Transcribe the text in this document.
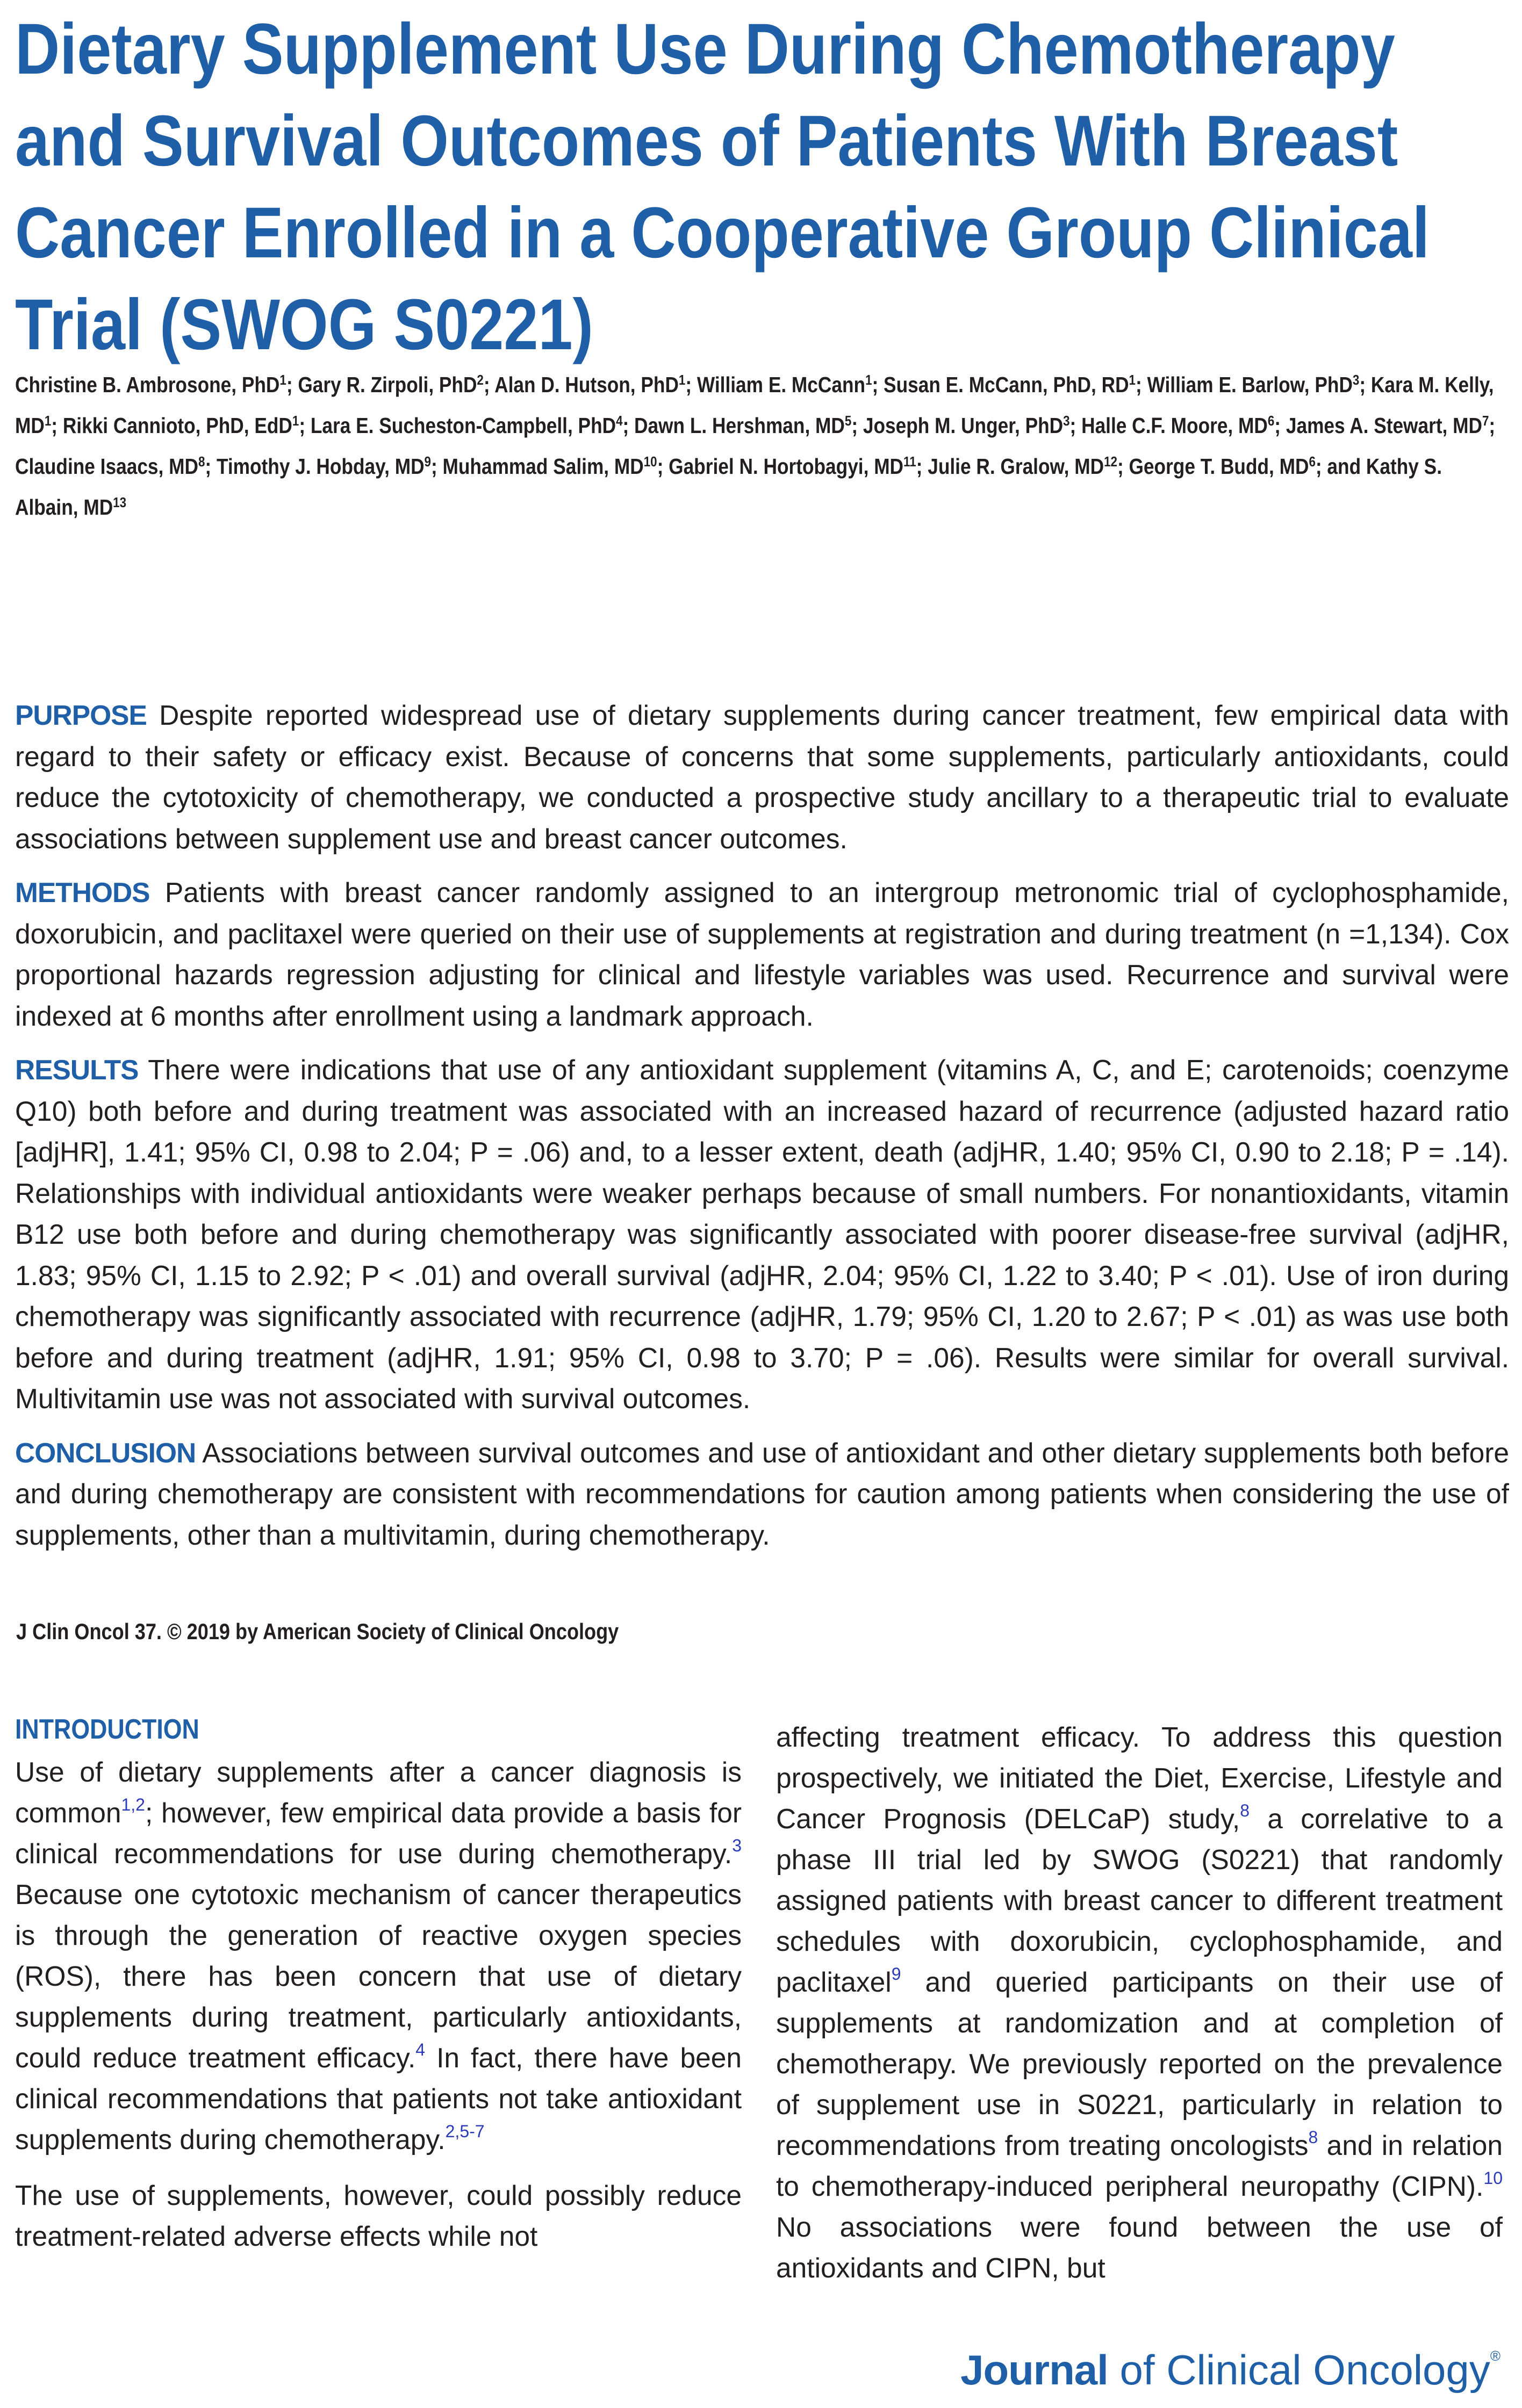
Dietary Supplement Use During Chemotherapy and Survival Outcomes of Patients With Breast Cancer Enrolled in a Cooperative Group Clinical Trial (SWOG S0221)
Christine B. Ambrosone, PhD$^1$; Gary R. Zirpoli, PhD$^2$; Alan D. Hutson, PhD$^1$; William E. McCann$^1$; Susan E. McCann, PhD, $RD^1$; William E. Barlow, PhD$^3$; Kara M. Kelly, $MD^1$; Rikki Cannioto, PhD, EdD$^1$; Lara E. Sucheston-Campbell, PhD$^4$; Dawn L. Hershman, $MD^5$; Joseph M. Unger, PhD$^3$; Halle C.F. Moore, $MD^6$; James A. Stewart, $MD^7$; Claudine Isaacs, $MD^8$; Timothy J. Hobday, $MD^9$; Muhammad Salim, MD$^{10}$; Gabriel N. Hortobagyi, MD$^{11}$; Julie R. Gralow, MD$^{12}$; George T. Budd, $MD^6$; and Kathy S. Albain, MD$^{13}$

PURPOSE Despite reported widespread use of dietary supplements during cancer treatment, few empirical data with regard to their safety or efficacy exist. Because of concerns that some supplements, particularly antioxidants, could reduce the cytotoxicity of chemotherapy, we conducted a prospective study ancillary to a therapeutic trial to evaluate associations between supplement use and breast cancer outcomes.

METHODS Patients with breast cancer randomly assigned to an intergroup metronomic trial of cyclophosphamide, doxorubicin, and paclitaxel were queried on their use of supplements at registration and during treatment (n =1,134). Cox proportional hazards regression adjusting for clinical and lifestyle variables was used. Recurrence and survival were indexed at 6 months after enrollment using a landmark approach.

RESULTS There were indications that use of any antioxidant supplement (vitamins A, C, and E; carotenoids; coenzyme Q10) both before and during treatment was associated with an increased hazard of recurrence (adjusted hazard ratio [adjHR], 1.41; 95% CI, 0.98 to 2.04; P = .06) and, to a lesser extent, death (adjHR, 1.40; 95% CI, 0.90 to 2.18; P = .14). Relationships with individual antioxidants were weaker perhaps because of small numbers. For nonantioxidants, vitamin B12 use both before and during chemotherapy was significantly associated with poorer disease-free survival (adjHR, 1.83; 95% CI, 1.15 to 2.92; P < .01) and overall survival (adjHR, 2.04; 95% CI, 1.22 to 3.40; P < .01). Use of iron during chemotherapy was significantly associated with recurrence (adjHR, 1.79; 95% CI, 1.20 to 2.67; P < .01) as was use both before and during treatment (adjHR, 1.91; 95% CI, 0.98 to 3.70; P = .06). Results were similar for overall survival. Multivitamin use was not associated with survival outcomes.

CONCLUSION Associations between survival outcomes and use of antioxidant and other dietary supplements both before and during chemotherapy are consistent with recommendations for caution among patients when considering the use of supplements, other than a multivitamin, during chemotherapy.

J Clin Oncol 37. © 2019 by American Society of Clinical Oncology

INTRODUCTION

Use of dietary supplements after a cancer diagnosis is common$^{1,2}$; however, few empirical data provide a basis for clinical recommendations for use during chemotherapy.$^3$ Because one cytotoxic mechanism of cancer therapeutics is through the generation of reactive oxygen species (ROS), there has been concern that use of dietary supplements during treatment, particularly antioxidants, could reduce treatment efficacy.$^4$ In fact, there have been clinical recommendations that patients not take antioxidant supplements during chemotherapy.$^{2,5-7}$

The use of supplements, however, could possibly reduce treatment-related adverse effects while not

affecting treatment efficacy. To address this question prospectively, we initiated the Diet, Exercise, Lifestyle and Cancer Prognosis (DELCaP) study,$^8$ a correlative to a phase III trial led by SWOG (S0221) that randomly assigned patients with breast cancer to different treatment schedules with doxorubicin, cyclophosphamide, and paclitaxel$^9$ and queried participants on their use of supplements at randomization and at completion of chemotherapy. We previously reported on the prevalence of supplement use in S0221, particularly in relation to recommendations from treating oncologists$^8$ and in relation to chemotherapy-induced peripheral neuropathy (CIPN).$^{10}$ No associations were found between the use of antioxidants and CIPN, but

Journal of Clinical Oncology®
